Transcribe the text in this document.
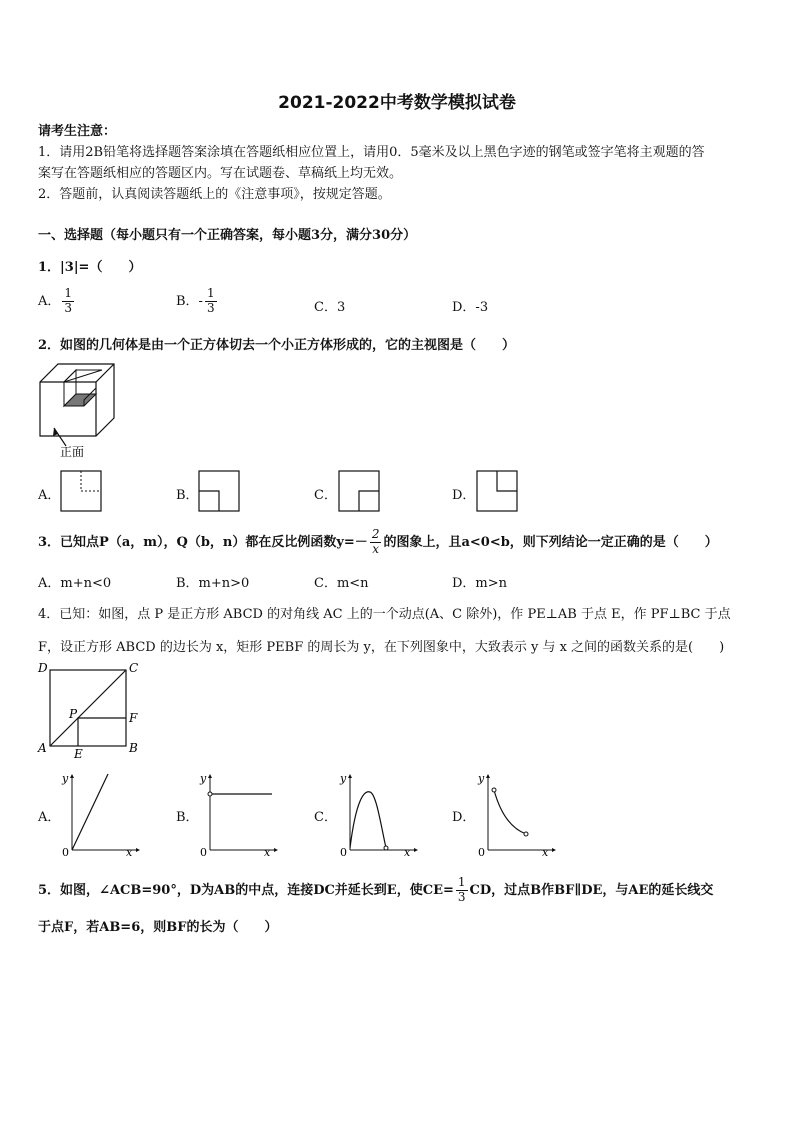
2021-2022中考数学模拟试卷
请考生注意：
1．请用2B铅笔将选择题答案涂填在答题纸相应位置上，请用0．5毫米及以上黑色字迹的钢笔或签字笔将主观题的答
案写在答题纸相应的答题区内。写在试题卷、草稿纸上均无效。
2．答题前，认真阅读答题纸上的《注意事项》，按规定答题。
一、选择题（每小题只有一个正确答案，每小题3分，满分30分）
1．|3|=（　　）
A． $\frac{1}{3}$	B．- $\frac{1}{3}$	C．3	D．-3
2．如图的几何体是由一个正方体切去一个小正方体形成的，它的主视图是（　　）
正面
A．	B．	C．	D．
3．已知点P（a，m），Q（b，n）都在反比例函数$y=- \frac{2}{x}$ 的图象上，且a<0<b，则下列结论一定正确的是（　　）
A．m+n<0	B．m+n>0	C．m<n	D．m>n
4．已知：如图，点 P 是正方形 ABCD 的对角线 AC 上的一个动点(A、C 除外)，作 PE⊥AB 于点 E，作 PF⊥BC 于点
F，设正方形 ABCD 的边长为 x，矩形 PEBF 的周长为 y，在下列图象中，大致表示 y 与 x 之间的函数关系的是(　　)
D	C
P	F
A E	B
A．
y
x
0
B．
y
x
0
C．
y
x
0
D．
y
x
0
5．如图，∠ACB=90°，D为AB的中点，连接DC并延长到E，使$CE= \frac{1}{3}$ CD，过点B作BF∥DE，与AE的延长线交
于点F，若AB=6，则BF的长为（　　）
